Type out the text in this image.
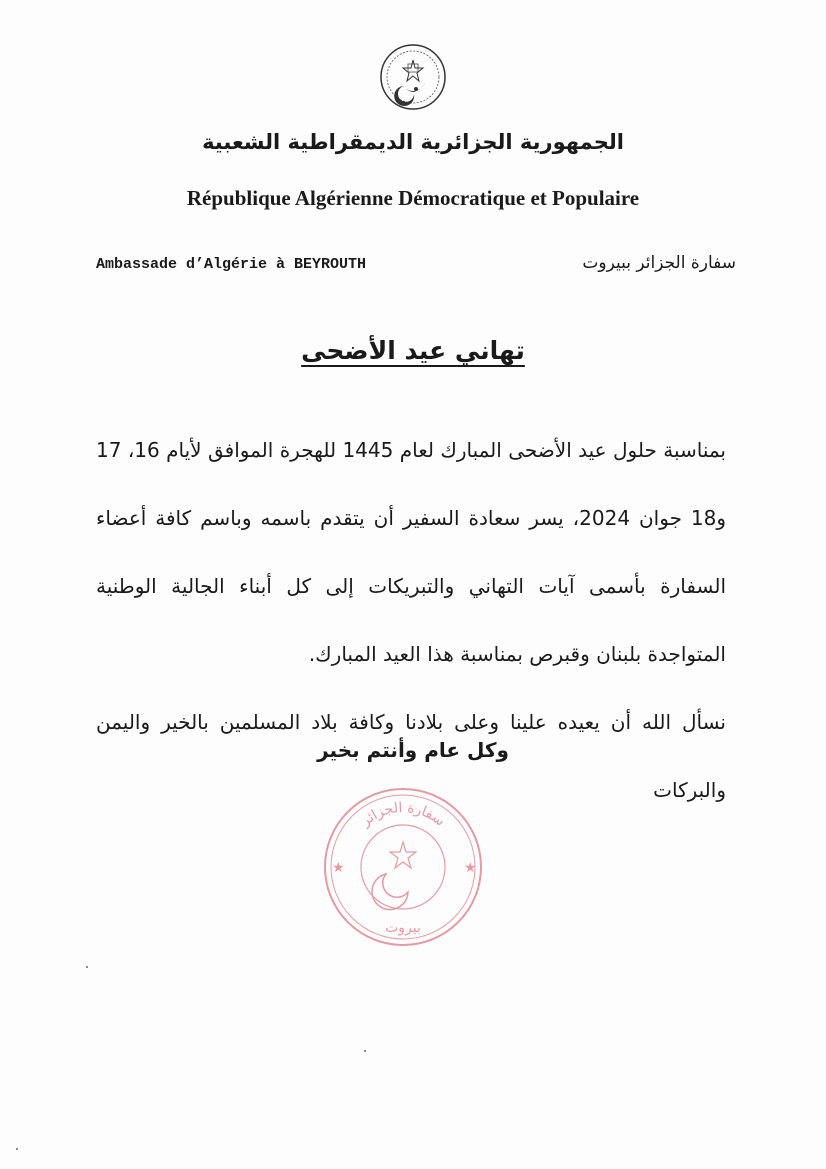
الجمهورية الجزائرية الديمقراطية الشعبية
République Algérienne Démocratique et Populaire
Ambassade d’Algérie à BEYROUTH	سفارة الجزائر ببيروت
تهاني عيد الأضحى

بمناسبة حلول عيد الأضحى المبارك لعام 1445 للهجرة الموافق لأيام 16، 17 و18 جوان 2024، يسر سعادة السفير أن يتقدم باسمه وباسم كافة أعضاء السفارة بأسمى آيات التهاني والتبريكات إلى كل أبناء الجالية الوطنية المتواجدة بلبنان وقبرص بمناسبة هذا العيد المبارك.

نسأل الله أن يعيده علينا وعلى بلادنا وكافة بلاد المسلمين بالخير واليمن والبركات

وكل عام وأنتم بخير
سفارة الجزائر
بيروت
★	★
